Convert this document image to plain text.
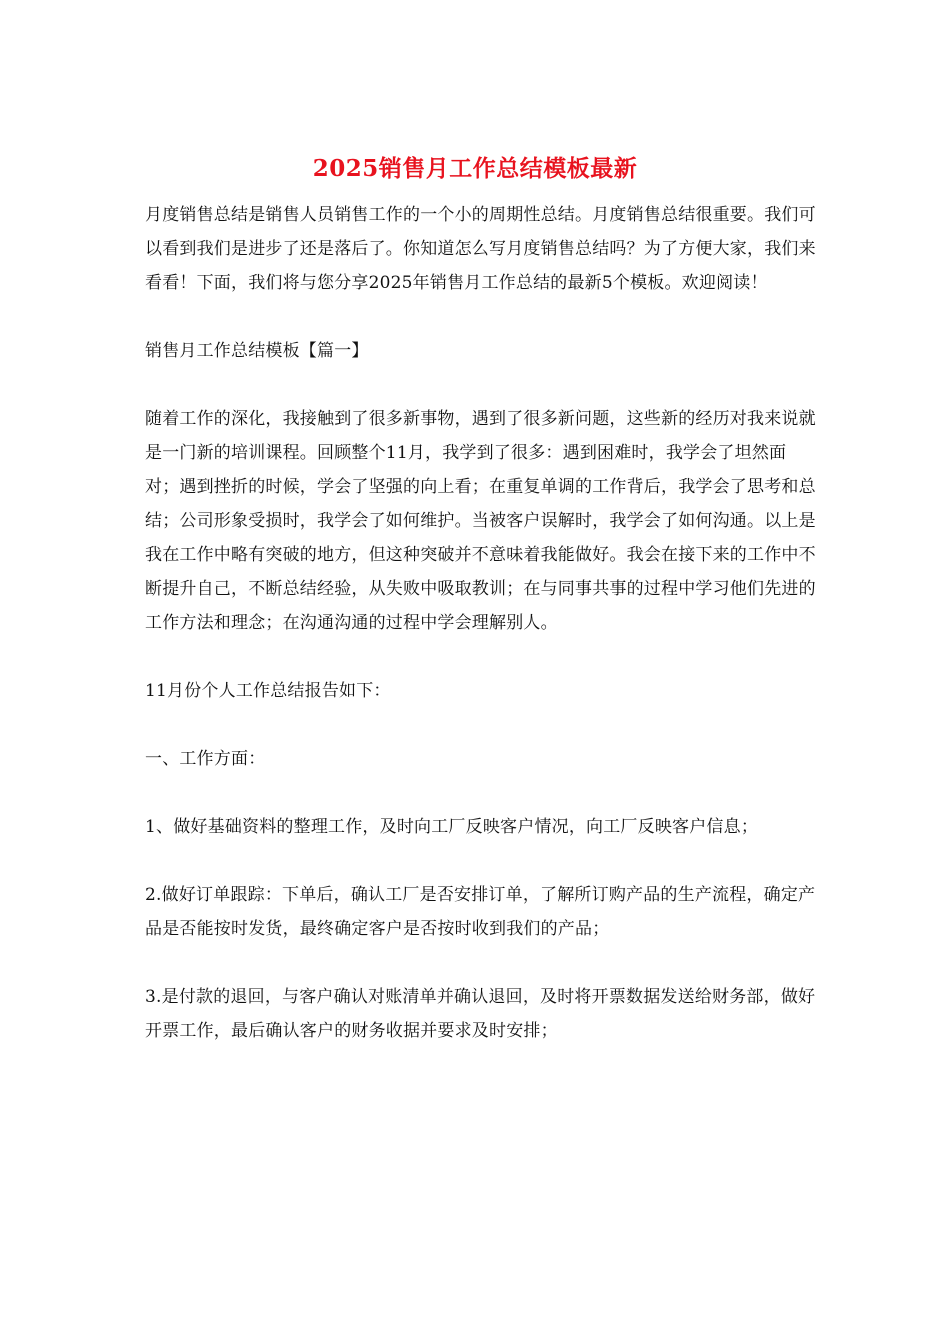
2025销售月工作总结模板最新

月度销售总结是销售人员销售工作的一个小的周期性总结。月度销售总结很重要。我们可以看到我们是进步了还是落后了。你知道怎么写月度销售总结吗？为了方便大家，我们来看看！下面，我们将与您分享2025年销售月工作总结的最新5个模板。欢迎阅读！

销售月工作总结模板【篇一】

随着工作的深化，我接触到了很多新事物，遇到了很多新问题，这些新的经历对我来说就是一门新的培训课程。回顾整个11月，我学到了很多：遇到困难时，我学会了坦然面对；遇到挫折的时候，学会了坚强的向上看；在重复单调的工作背后，我学会了思考和总结；公司形象受损时，我学会了如何维护。当被客户误解时，我学会了如何沟通。以上是我在工作中略有突破的地方，但这种突破并不意味着我能做好。我会在接下来的工作中不断提升自己，不断总结经验，从失败中吸取教训；在与同事共事的过程中学习他们先进的工作方法和理念；在沟通沟通的过程中学会理解别人。

11月份个人工作总结报告如下：

一、工作方面：

1、做好基础资料的整理工作，及时向工厂反映客户情况，向工厂反映客户信息；

2.做好订单跟踪：下单后，确认工厂是否安排订单，了解所订购产品的生产流程，确定产品是否能按时发货，最终确定客户是否按时收到我们的产品；

3.是付款的退回，与客户确认对账清单并确认退回，及时将开票数据发送给财务部，做好开票工作，最后确认客户的财务收据并要求及时安排；
